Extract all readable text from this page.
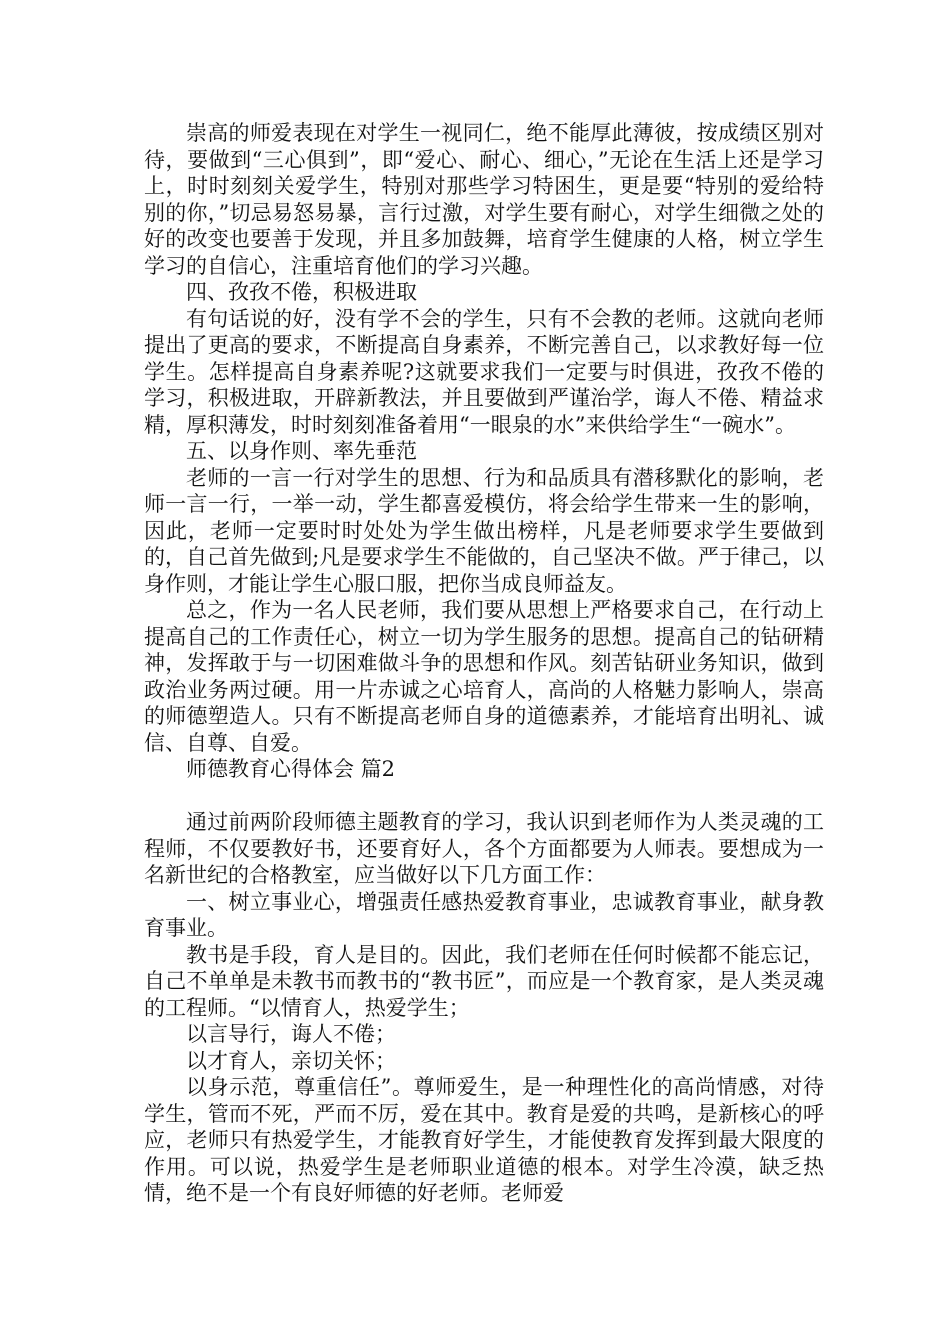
崇高的师爱表现在对学生一视同仁，绝不能厚此薄彼，按成绩区别对待，要做到“三心俱到”，即“爱心、耐心、细心，”无论在生活上还是学习上，时时刻刻关爱学生，特别对那些学习特困生，更是要“特别的爱给特别的你，”切忌易怒易暴，言行过激，对学生要有耐心，对学生细微之处的好的改变也要善于发现，并且多加鼓舞，培育学生健康的人格，树立学生学习的自信心，注重培育他们的学习兴趣。

四、孜孜不倦，积极进取

有句话说的好，没有学不会的学生，只有不会教的老师。这就向老师提出了更高的要求，不断提高自身素养，不断完善自己，以求教好每一位学生。怎样提高自身素养呢?这就要求我们一定要与时俱进，孜孜不倦的学习，积极进取，开辟新教法，并且要做到严谨治学，诲人不倦、精益求精，厚积薄发，时时刻刻准备着用“一眼泉的水”来供给学生“一碗水”。

五、以身作则、率先垂范

老师的一言一行对学生的思想、行为和品质具有潜移默化的影响，老师一言一行，一举一动，学生都喜爱模仿，将会给学生带来一生的影响，因此，老师一定要时时处处为学生做出榜样，凡是老师要求学生要做到的，自己首先做到;凡是要求学生不能做的，自己坚决不做。严于律己，以身作则，才能让学生心服口服，把你当成良师益友。

总之，作为一名人民老师，我们要从思想上严格要求自己，在行动上提高自己的工作责任心，树立一切为学生服务的思想。提高自己的钻研精神，发挥敢于与一切困难做斗争的思想和作风。刻苦钻研业务知识，做到政治业务两过硬。用一片赤诚之心培育人，高尚的人格魅力影响人，崇高的师德塑造人。只有不断提高老师自身的道德素养，才能培育出明礼、诚信、自尊、自爱。

师德教育心得体会 篇2

通过前两阶段师德主题教育的学习，我认识到老师作为人类灵魂的工程师，不仅要教好书，还要育好人，各个方面都要为人师表。要想成为一名新世纪的合格教室，应当做好以下几方面工作：

一、树立事业心，增强责任感热爱教育事业，忠诚教育事业，献身教育事业。

教书是手段，育人是目的。因此，我们老师在任何时候都不能忘记，自己不单单是未教书而教书的“教书匠”，而应是一个教育家，是人类灵魂的工程师。“以情育人，热爱学生；

以言导行，诲人不倦；

以才育人，亲切关怀；

以身示范，尊重信任”。尊师爱生，是一种理性化的高尚情感，对待学生，管而不死，严而不厉，爱在其中。教育是爱的共鸣，是新核心的呼应，老师只有热爱学生，才能教育好学生，才能使教育发挥到最大限度的作用。可以说，热爱学生是老师职业道德的根本。对学生冷漠，缺乏热情，绝不是一个有良好师德的好老师。老师爱
